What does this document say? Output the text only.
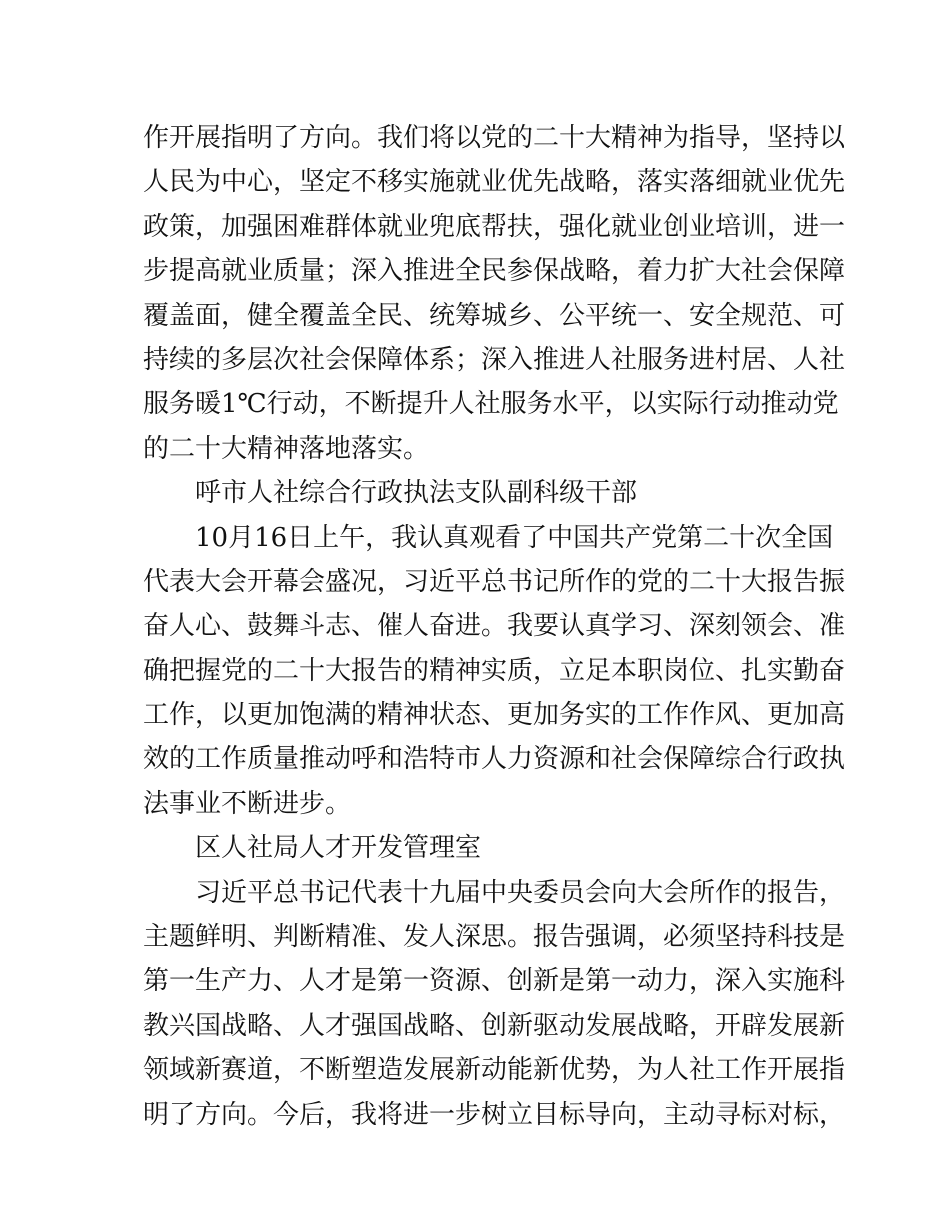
作开展指明了方向。我们将以党的二十大精神为指导，坚持以
人民为中心，坚定不移实施就业优先战略，落实落细就业优先
政策，加强困难群体就业兜底帮扶，强化就业创业培训，进一
步提高就业质量；深入推进全民参保战略，着力扩大社会保障
覆盖面，健全覆盖全民、统筹城乡、公平统一、安全规范、可
持续的多层次社会保障体系；深入推进人社服务进村居、人社
服务暖1℃行动，不断提升人社服务水平，以实际行动推动党
的二十大精神落地落实。
呼市人社综合行政执法支队副科级干部
10月16日上午，我认真观看了中国共产党第二十次全国
代表大会开幕会盛况，习近平总书记所作的党的二十大报告振
奋人心、鼓舞斗志、催人奋进。我要认真学习、深刻领会、准
确把握党的二十大报告的精神实质，立足本职岗位、扎实勤奋
工作，以更加饱满的精神状态、更加务实的工作作风、更加高
效的工作质量推动呼和浩特市人力资源和社会保障综合行政执
法事业不断进步。
区人社局人才开发管理室
习近平总书记代表十九届中央委员会向大会所作的报告，
主题鲜明、判断精准、发人深思。报告强调，必须坚持科技是
第一生产力、人才是第一资源、创新是第一动力，深入实施科
教兴国战略、人才强国战略、创新驱动发展战略，开辟发展新
领域新赛道，不断塑造发展新动能新优势，为人社工作开展指
明了方向。今后，我将进一步树立目标导向，主动寻标对标，
